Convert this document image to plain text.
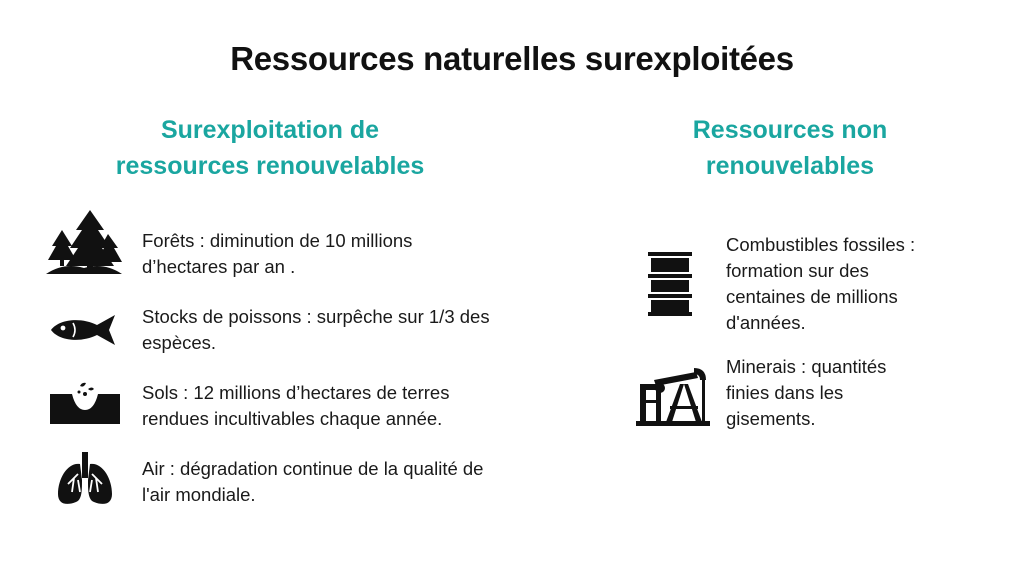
Ressources naturelles surexploitées
Surexploitation de
ressources renouvelables
Forêts : diminution de 10 millions
d’hectares par an .
Stocks de poissons : surpêche sur 1/3 des
espèces.
Sols : 12 millions d’hectares de terres
rendues incultivables chaque année.
Air : dégradation continue de la qualité de
l'air mondiale.
Ressources non
renouvelables
Combustibles fossiles :
formation sur des
centaines de millions
d'années.
Minerais : quantités
finies dans les
gisements.
